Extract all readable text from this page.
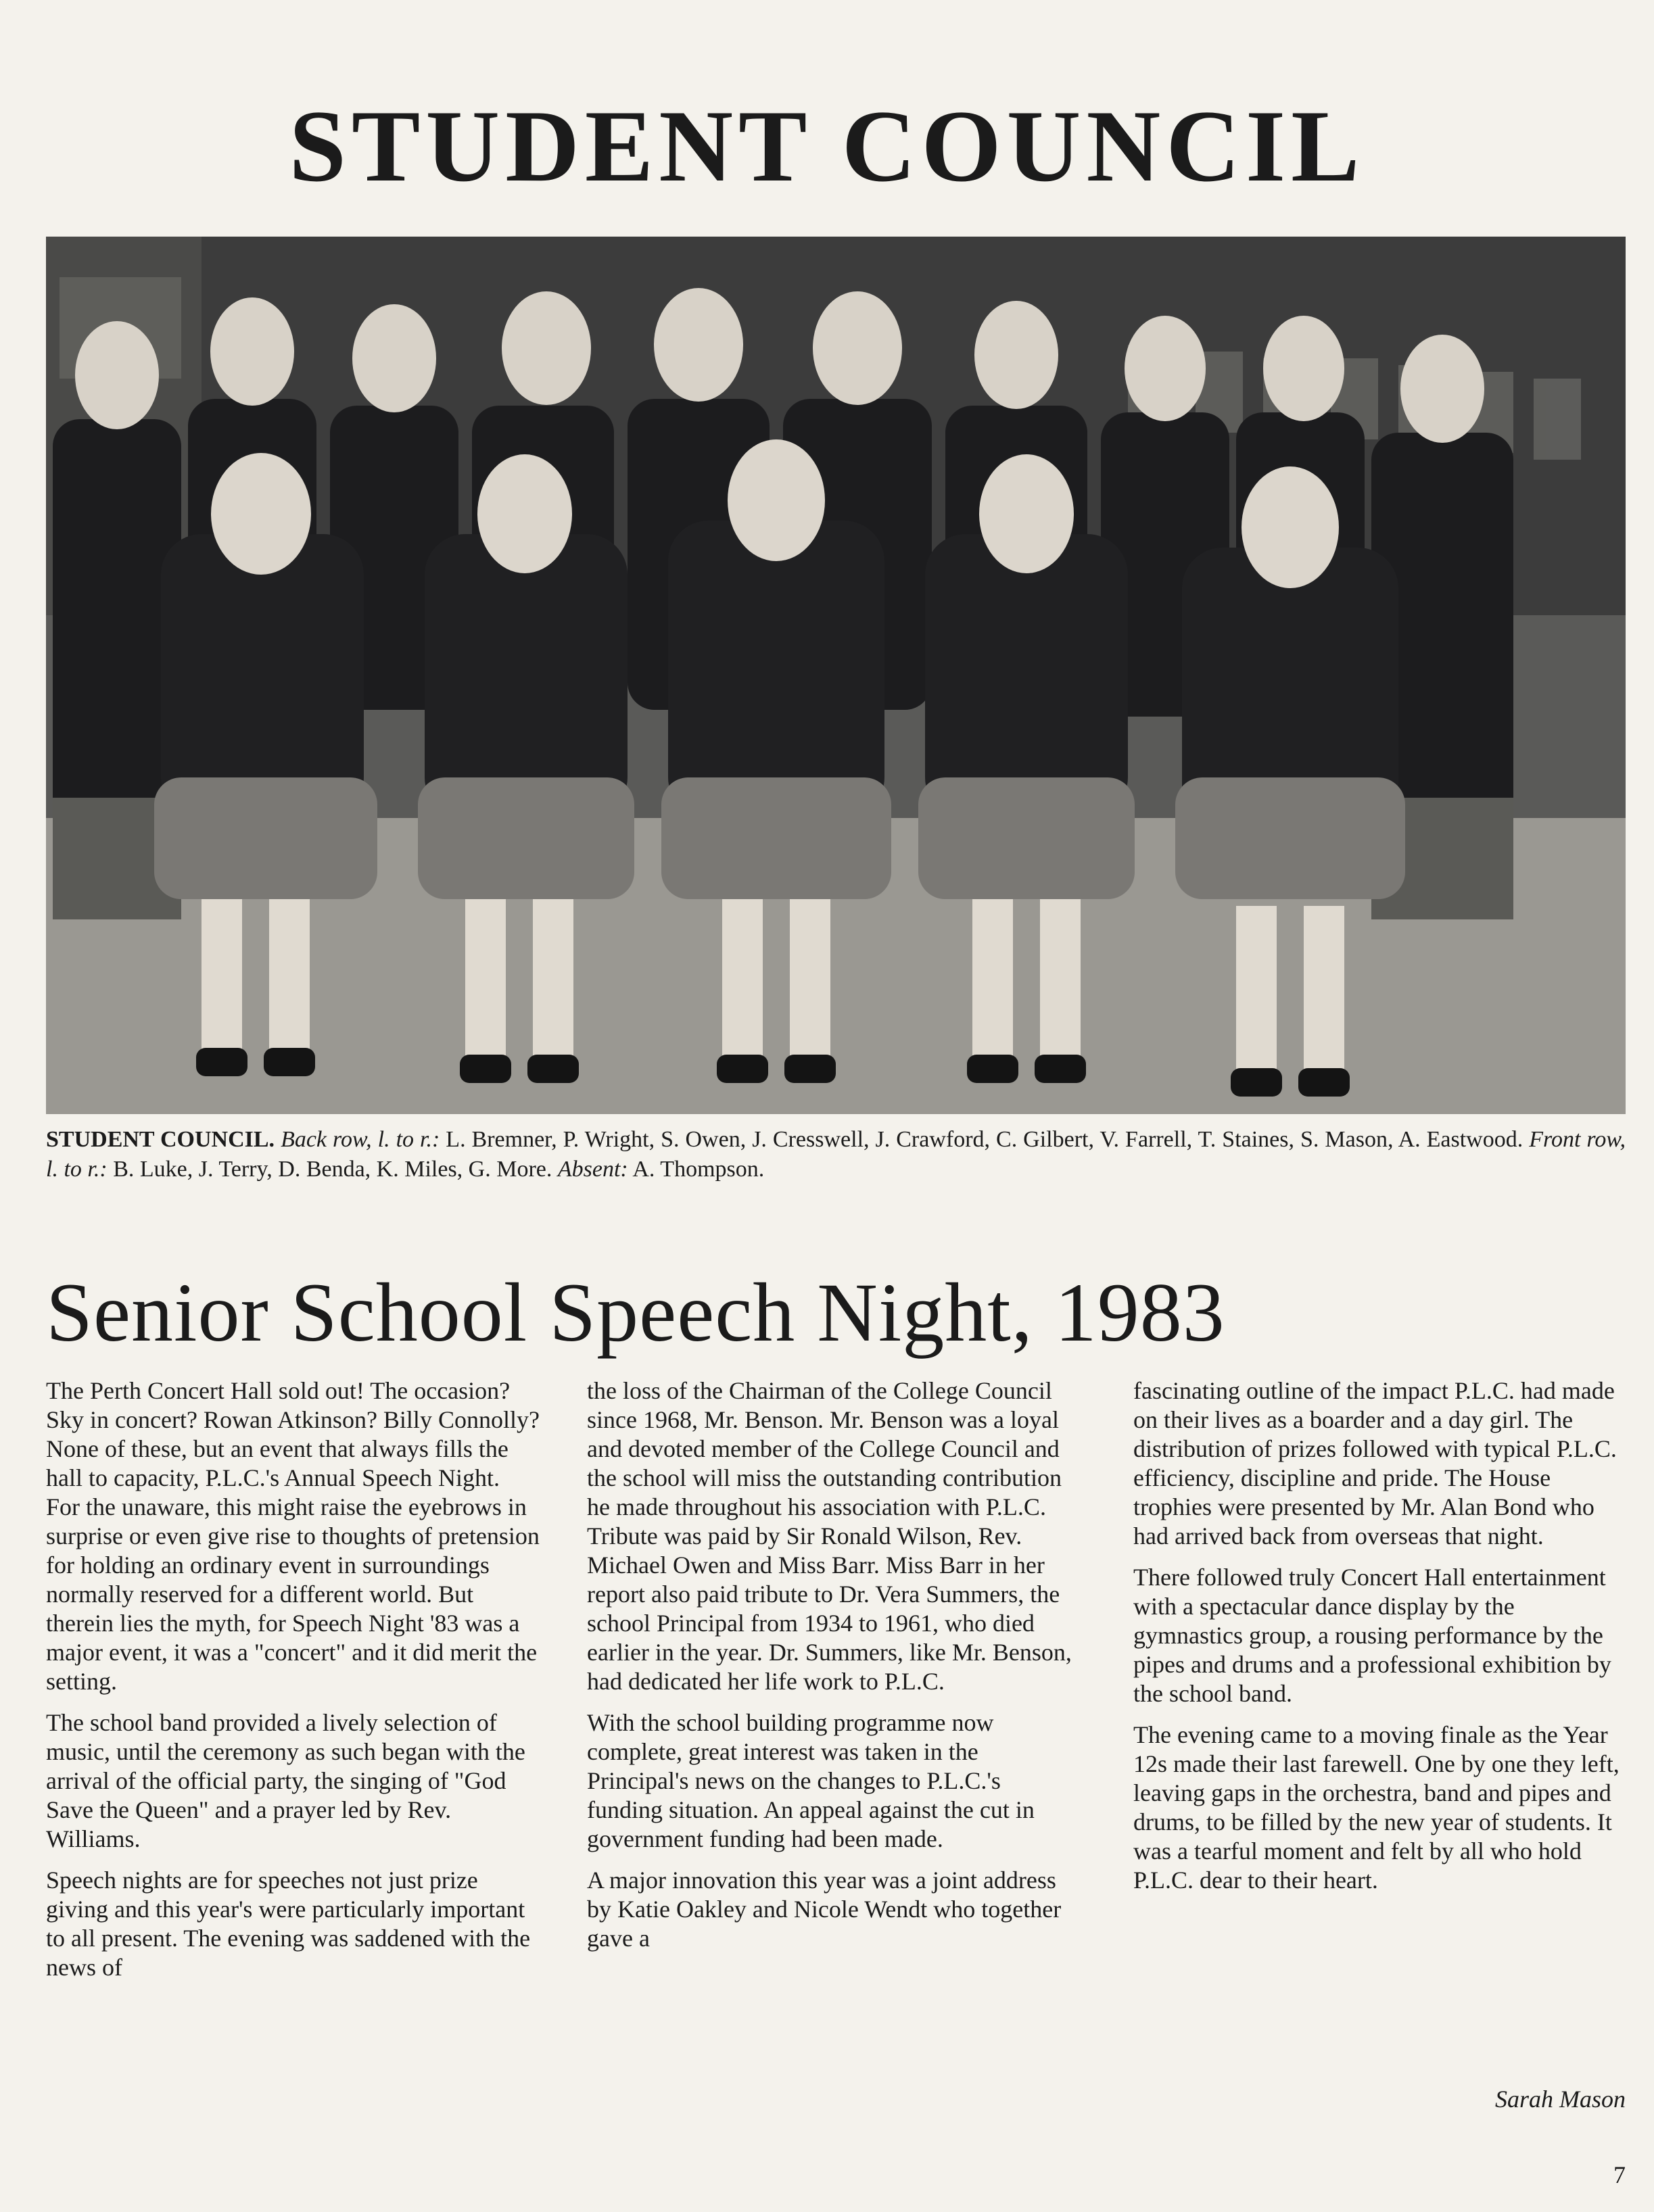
STUDENT COUNCIL
STUDENT COUNCIL. Back row, l. to r.: L. Bremner, P. Wright, S. Owen, J. Cresswell, J. Crawford, C. Gilbert, V. Farrell, T. Staines, S. Mason, A. Eastwood. Front row, l. to r.: B. Luke, J. Terry, D. Benda, K. Miles, G. More. Absent: A. Thompson.
Senior School Speech Night, 1983

The Perth Concert Hall sold out! The occasion? Sky in concert? Rowan Atkinson? Billy Connolly? None of these, but an event that always fills the hall to capacity, P.L.C.'s Annual Speech Night. For the unaware, this might raise the eyebrows in surprise or even give rise to thoughts of pretension for holding an ordinary event in surroundings normally reserved for a different world. But therein lies the myth, for Speech Night '83 was a major event, it was a "concert" and it did merit the setting.

The school band provided a lively selection of music, until the ceremony as such began with the arrival of the official party, the singing of "God Save the Queen" and a prayer led by Rev. Williams.

Speech nights are for speeches not just prize giving and this year's were particularly important to all present. The evening was saddened with the news of

the loss of the Chairman of the College Council since 1968, Mr. Benson. Mr. Benson was a loyal and devoted member of the College Council and the school will miss the outstanding contribution he made throughout his association with P.L.C. Tribute was paid by Sir Ronald Wilson, Rev. Michael Owen and Miss Barr. Miss Barr in her report also paid tribute to Dr. Vera Summers, the school Principal from 1934 to 1961, who died earlier in the year. Dr. Summers, like Mr. Benson, had dedicated her life work to P.L.C.

With the school building programme now complete, great interest was taken in the Principal's news on the changes to P.L.C.'s funding situation. An appeal against the cut in government funding had been made.

A major innovation this year was a joint address by Katie Oakley and Nicole Wendt who together gave a

fascinating outline of the impact P.L.C. had made on their lives as a boarder and a day girl. The distribution of prizes followed with typical P.L.C. efficiency, discipline and pride. The House trophies were presented by Mr. Alan Bond who had arrived back from overseas that night.

There followed truly Concert Hall entertainment with a spectacular dance display by the gymnastics group, a rousing performance by the pipes and drums and a professional exhibition by the school band.

The evening came to a moving finale as the Year 12s made their last farewell. One by one they left, leaving gaps in the orchestra, band and pipes and drums, to be filled by the new year of students. It was a tearful moment and felt by all who hold P.L.C. dear to their heart.

Sarah Mason
7
